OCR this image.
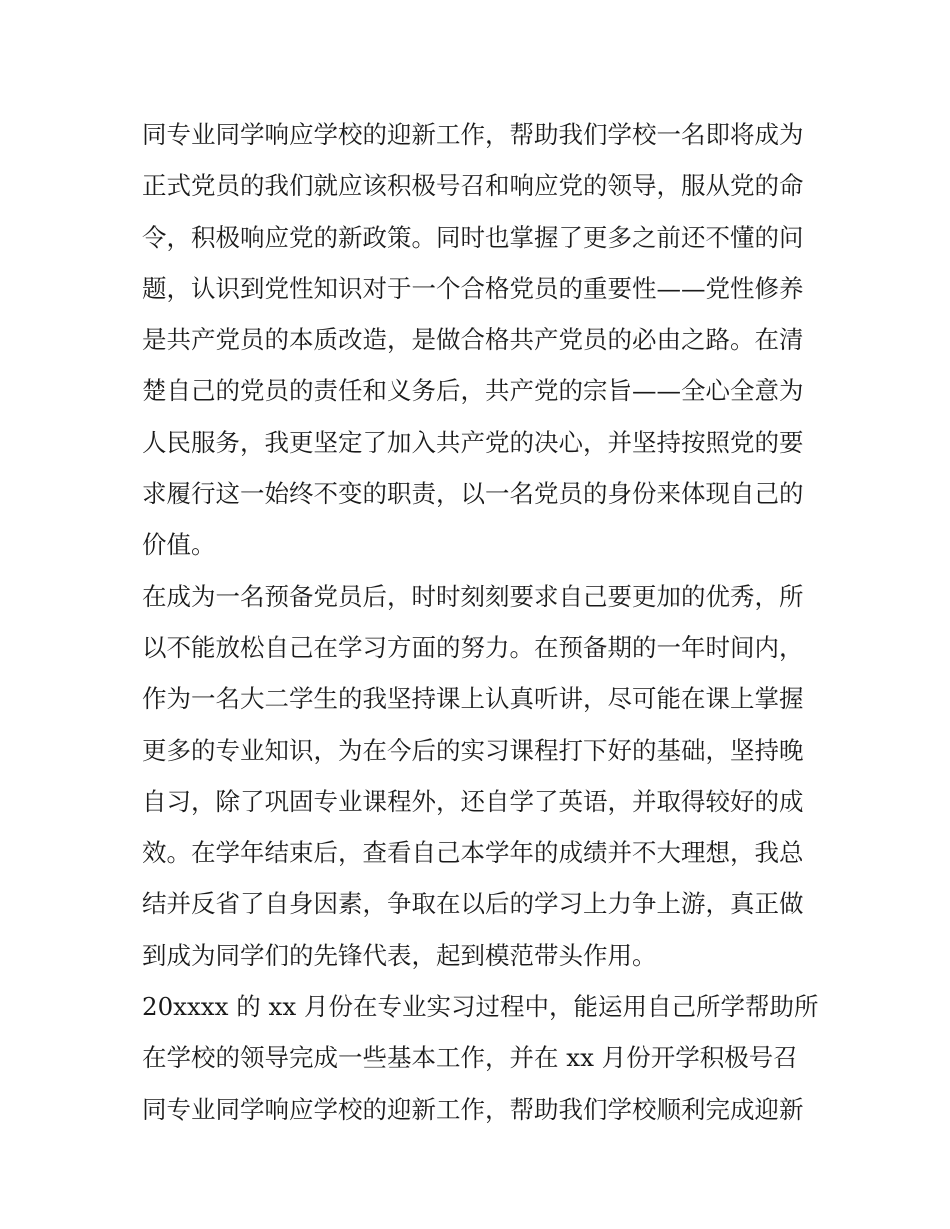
同专业同学响应学校的迎新工作，帮助我们学校一名即将成为
正式党员的我们就应该积极号召和响应党的领导，服从党的命
令，积极响应党的新政策。同时也掌握了更多之前还不懂的问
题，认识到党性知识对于一个合格党员的重要性——党性修养
是共产党员的本质改造，是做合格共产党员的必由之路。在清
楚自己的党员的责任和义务后，共产党的宗旨——全心全意为
人民服务，我更坚定了加入共产党的决心，并坚持按照党的要
求履行这一始终不变的职责，以一名党员的身份来体现自己的
价值。
在成为一名预备党员后，时时刻刻要求自己要更加的优秀，所
以不能放松自己在学习方面的努力。在预备期的一年时间内，
作为一名大二学生的我坚持课上认真听讲，尽可能在课上掌握
更多的专业知识，为在今后的实习课程打下好的基础，坚持晚
自习，除了巩固专业课程外，还自学了英语，并取得较好的成
效。在学年结束后，查看自己本学年的成绩并不大理想，我总
结并反省了自身因素，争取在以后的学习上力争上游，真正做
到成为同学们的先锋代表，起到模范带头作用。
20xxxx 的 xx 月份在专业实习过程中，能运用自己所学帮助所
在学校的领导完成一些基本工作，并在 xx 月份开学积极号召
同专业同学响应学校的迎新工作，帮助我们学校顺利完成迎新
